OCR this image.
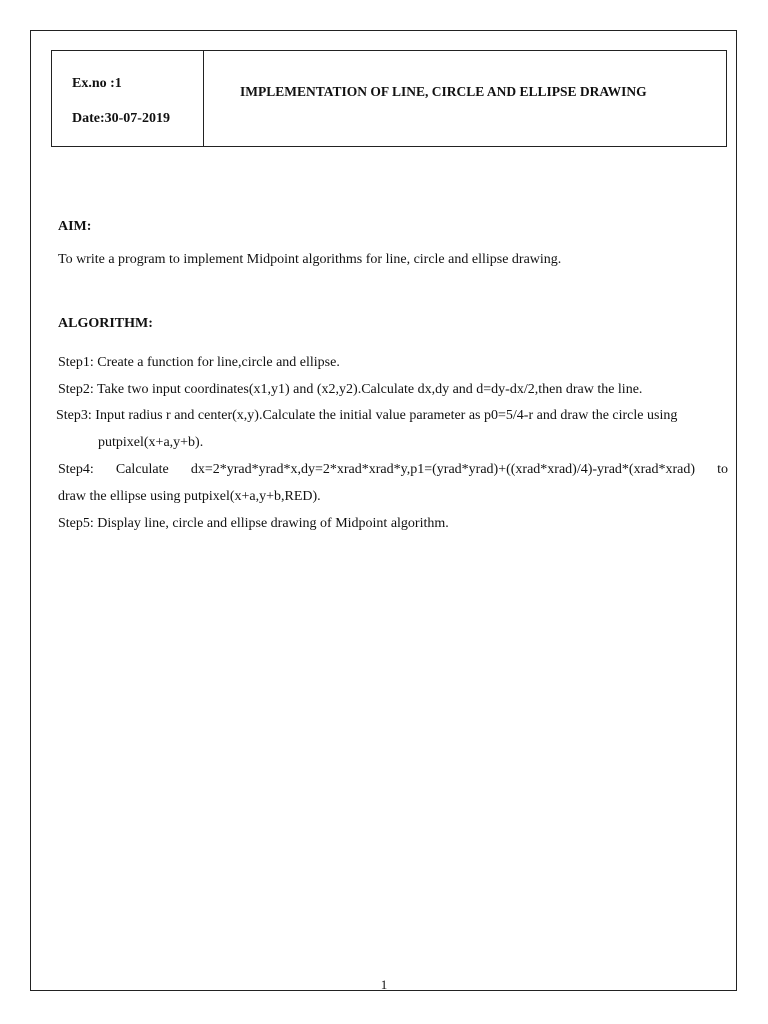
Ex.no :1
Date:30-07-2019
IMPLEMENTATION OF LINE, CIRCLE AND ELLIPSE DRAWING
AIM:
To write a program to implement Midpoint algorithms for line, circle and ellipse drawing.
ALGORITHM:
Step1: Create a function for line,circle and ellipse.
Step2: Take two input coordinates(x1,y1) and (x2,y2).Calculate dx,dy and d=dy-dx/2,then draw the line.
Step3: Input radius r and center(x,y).Calculate the initial value parameter as p0=5/4-r and draw the circle using
putpixel(x+a,y+b).
Step4: Calculate dx=2*yrad*yrad*x,dy=2*xrad*xrad*y,p1=(yrad*yrad)+((xrad*xrad)/4)-yrad*(xrad*xrad) to
draw the ellipse using putpixel(x+a,y+b,RED).
Step5: Display line, circle and ellipse drawing of Midpoint algorithm.
1
